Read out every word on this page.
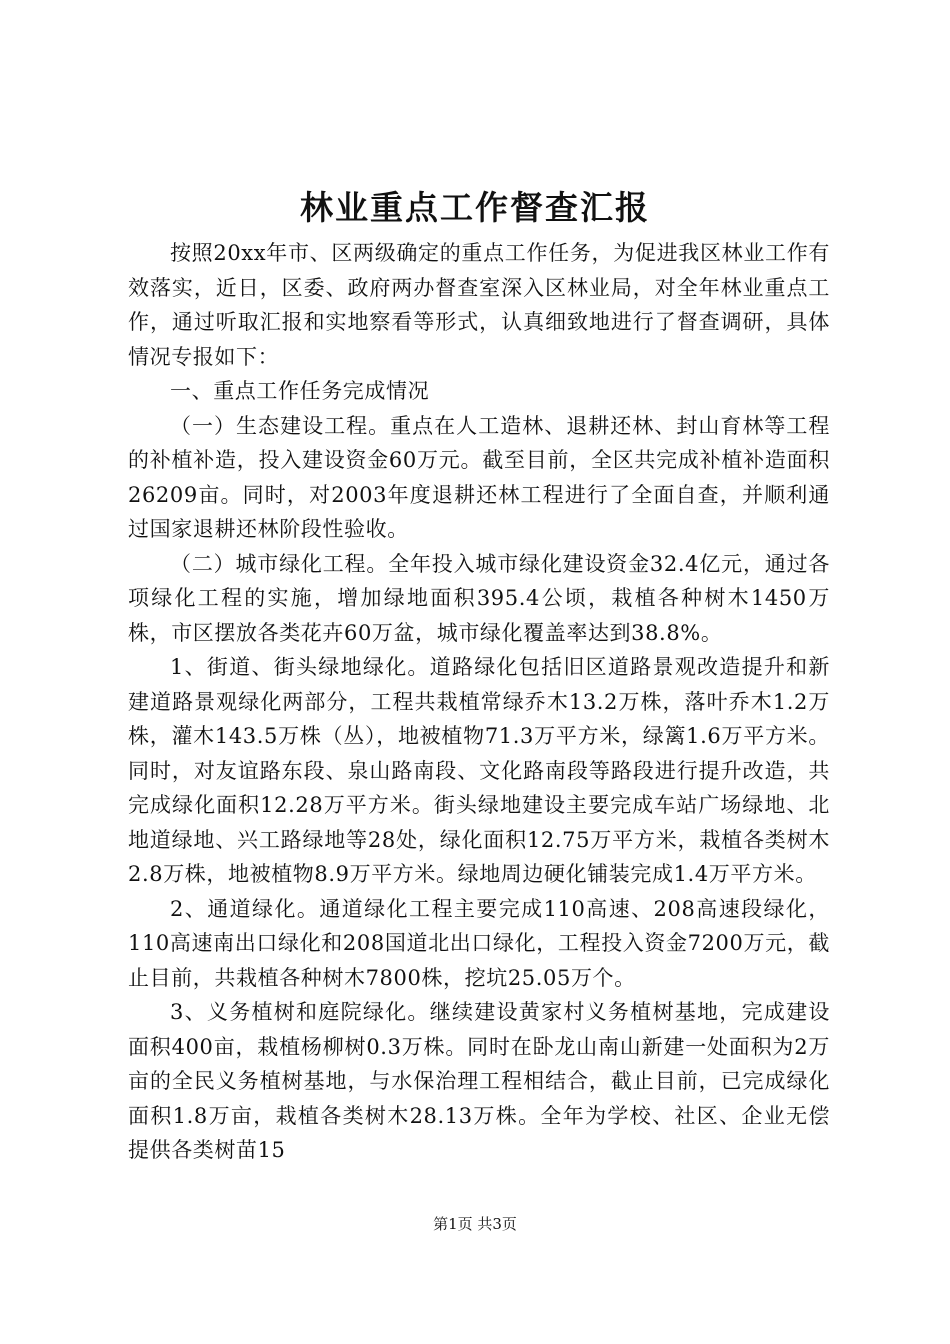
林业重点工作督查汇报

按照20xx年市、区两级确定的重点工作任务，为促进我区林业工作有效落实，近日，区委、政府两办督查室深入区林业局，对全年林业重点工作，通过听取汇报和实地察看等形式，认真细致地进行了督查调研，具体情况专报如下：

一、重点工作任务完成情况

（一）生态建设工程。重点在人工造林、退耕还林、封山育林等工程的补植补造，投入建设资金60万元。截至目前，全区共完成补植补造面积26209亩。同时，对2003年度退耕还林工程进行了全面自查，并顺利通过国家退耕还林阶段性验收。

（二）城市绿化工程。全年投入城市绿化建设资金32.4亿元，通过各项绿化工程的实施，增加绿地面积395.4公顷，栽植各种树木1450万株，市区摆放各类花卉60万盆，城市绿化覆盖率达到38.8%。

1、街道、街头绿地绿化。道路绿化包括旧区道路景观改造提升和新建道路景观绿化两部分，工程共栽植常绿乔木13.2万株，落叶乔木1.2万株，灌木143.5万株（丛），地被植物71.3万平方米，绿篱1.6万平方米。同时，对友谊路东段、泉山路南段、文化路南段等路段进行提升改造，共完成绿化面积12.28万平方米。街头绿地建设主要完成车站广场绿地、北地道绿地、兴工路绿地等28处，绿化面积12.75万平方米，栽植各类树木2.8万株，地被植物8.9万平方米。绿地周边硬化铺装完成1.4万平方米。

2、通道绿化。通道绿化工程主要完成110高速、208高速段绿化，110高速南出口绿化和208国道北出口绿化，工程投入资金7200万元，截止目前，共栽植各种树木7800株，挖坑25.05万个。

3、义务植树和庭院绿化。继续建设黄家村义务植树基地，完成建设面积400亩，栽植杨柳树0.3万株。同时在卧龙山南山新建一处面积为2万亩的全民义务植树基地，与水保治理工程相结合，截止目前，已完成绿化面积1.8万亩，栽植各类树木28.13万株。全年为学校、社区、企业无偿提供各类树苗15

第1页 共3页
